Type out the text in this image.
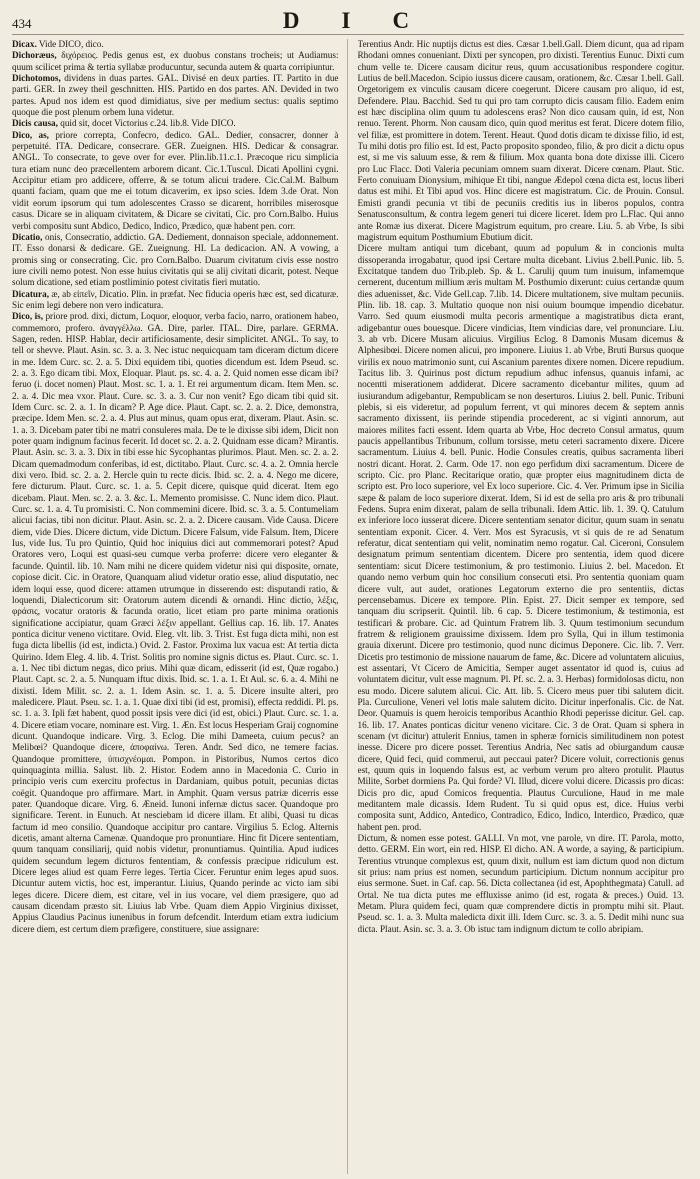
434	D I C

Dicax. Vide DICO, dico.

Dichoræus, διχόρειος. Pedis genus est, ex duobus constans trocheis; ut Audiamus: quum scilicet prima & tertia syllabæ producuntur, secunda autem & quarta corripiuntur.

Dichotomos, dividens in duas partes. GAL. Divisé en deux parties. IT. Partito in due parti. GER. In zwey theil geschnitten. HIS. Partido en dos partes. AN. Devided in two partes. Apud nos idem est quod dimidiatus, sive per medium sectus: qualis septimo quoque die post plenum orbem luna videtur.

Dicis causa, quid sit, docet Victorius c.24. lib.8. Vide DICO.

Dico, as, priore correpta, Confecro, dedico. GAL. Dedier, consacrer, donner à perpetuité. ITA. Dedicare, consecrare. GER. Zueignen. HIS. Dedicar & consagrar. ANGL. To consecrate, to geve over for ever. Plin.lib.11.c.1. Præcoque ricu simplicia tura etiam nunc deo præcellentem arborem dicant. Cic.1.Tuscul. Dicati Apollini cygni. Accipitur etiam pro addicere, offerre, & se totum alicui tradere. Cic.Cal.M. Balbum quanti faciam, quam que me ei totum dicaverim, ex ipso scies. Idem 3.de Orat. Non vidit eorum ipsorum qui tum adolescentes Crasso se dicarent, horribiles miserosque casus. Dicare se in aliquam civitatem, & Dicare se civitati, Cic. pro Corn.Balbo. Huius verbi compositu sunt Abdico, Dedico, Indico, Prædico, quæ habent pen. corr.

Dicatio, onis, Consecratio, addictio. GA. Dediement, donnaison speciale, addonnement. IT. Esso donarsi & dedicare. GE. Zueignung. HI. La dedicacion. AN. A vowing, a promis sing or consecrating. Cic. pro Corn.Balbo. Duarum civitatum civis esse nostro iure civili nemo potest. Non esse huius civitatis qui se alij civitati dicarit, potest. Neque solum dicatione, sed etiam postliminio potest civitatis fieri mutatio.

Dicatura, æ, ab εἰπεῖν, Dicatio. Plin. in præfat. Nec fiducia operis hæc est, sed dicaturæ. Sic enim legi debere non vero indicatura.

Dico, is, priore prod. dixi, dictum, Loquor, eloquor, verba facio, narro, orationem habeo, commemoro, profero. ἀναγγέλλω. GA. Dire, parler. ITAL. Dire, parlare. GERMA. Sagen, reden. HISP. Hablar, decir artificiosamente, desir simplicitet. ANGL. To say, to tell or shevve. Plaut. Asin. sc. 3. a. 3. Nec istuc nequicquam tam diceram dictum dicere in me. Idem Curc. sc. 2. a. 5. Dixi equidem tibi, quoties dicendum est. Idem Pseud. sc. 2. a. 3. Ego dicam tibi. Mox, Eloquar. Plaut. ps. sc. 4. a. 2. Quid nomen esse dicam ibi? feruo (i. docet nomen) Plaut. Most. sc. 1. a. 1. Et rei argumentum dicam. Item Men. sc. 2. a. 4. Dic mea vxor. Plaut. Cure. sc. 3. a. 3. Cur non venit? Ego dicam tibi quid sit. Idem Curc. sc. 2. a. 1. In dicam? P. Age dice. Plaut. Capt. sc. 2. a. 2. Dice, demonstra, præcipe. Idem Men. sc. 2. a. 4. Plus aut minus, quam opus erat, dixeram. Plaut. Asin. sc. 1. a. 3. Dicebam pater tibi ne matri consuleres mala. De te le dixisse sibi idem, Dicit non poter quam indignum facinus fecerit. Id docet sc. 2. a. 2. Quidnam esse dicam? Mirantis. Plaut. Asin. sc. 3. a. 3. Dix in tibi esse hic Sycophantas plurimos. Plaut. Men. sc. 2. a. 2. Dicam quemadmodum conferibas, id est, dictitabo. Plaut. Curc. sc. 4. a. 2. Omnia hercle dixi vero. Ibid. sc. 2. a. 2. Hercle quin tu recte dicis. Ibid. sc. 2. a. 4. Nego me dicere, fere dicturum. Plaut. Curc. sc. 1. a. 5. Cepit dicere, quisque quid dicerat. Item ego dicebam. Plaut. Men. sc. 2. a. 3. &c. L. Memento promisisse. C. Nunc idem dico. Plaut. Curc. sc. 1. a. 4. Tu promisisti. C. Non commemini dicere. Ibid. sc. 3. a. 5. Contumeliam alicui facias, tibi non dicitur. Plaut. Asin. sc. 2. a. 2. Dicere causam. Vide Causa. Dicere diem, vide Dies. Dicere dictum, vide Dictum. Dicere Falsum, vide Falsum. Item, Dicere Ius, vide Ius. Tu pro Quintio, Quid hoc iniquius dici aut commemorari potest? Apud Oratores vero, Loqui est quasi-seu cumque verba proferre: dicere vero eleganter & facunde. Quintil. lib. 10. Nam mihi ne dicere quidem videtur nisi qui disposite, ornate, copiose dicit. Cic. in Oratore, Quanquam aliud videtur oratio esse, aliud disputatio, nec idem loqui esse, quod dicere: attamen utrumque in disserendo est: disputandi ratio, & loquendi, Dialecticorum sit: Oratorum autem dicendi & ornandi. Hinc dictio, λέξις, φράσις, vocatur oratoris & facunda oratio, licet etiam pro parte minima orationis significatione accipiatur, quam Græci λέξιν appellant. Gellius cap. 16. lib. 17. Anates pontica dicitur veneno victitare. Ovid. Eleg. vlt. lib. 3. Trist. Est fuga dicta mihi, non est fuga dicta libellis (id est, indicta.) Ovid. 2. Fastor. Proxima lux vacua est: At tertia dicta Quirino. Idem Eleg. 4. lib. 4. Trist. Solitis pro nomine signis dictus es. Plaut. Curc. sc. 1. a. 1. Nec tibi dictum negas, dico prius. Mihi quæ dicam, edisserit (id est, Quæ rogabo.) Plaut. Capt. sc. 2. a. 5. Nunquam iftuc dixis. Ibid. sc. 1. a. 1. Et Aul. sc. 6. a. 4. Mihi ne dixisti. Idem Milit. sc. 2. a. 1. Idem Asin. sc. 1. a. 5. Dicere insulte alteri, pro maledicere. Plaut. Pseu. sc. 1. a. 1. Quae dixi tibi (id est, promisi), effecta reddidi. Pl. ps. sc. 1. a. 3. Ipli fæt habent, quod possit ipsis vere dici (id est, obici.) Plaut. Curc. sc. 1. a. 4. Dicere etiam vocare, nominare est. Virg. 1. Æn. Est locus Hesperiam Graij cognomine dicunt. Quandoque indicare. Virg. 3. Eclog. Die mihi Dameeta, cuium pecus? an Melibœi? Quandoque dicere, άποφαίνω. Teren. Andr. Sed dico, ne temere facias. Quandoque promittere, ὑπισχνέομαι. Pompon. in Pistoribus, Numos certos dico quinquaginta millia. Salust. lib. 2. Histor. Eodem anno in Macedonia C. Curio in principio veris cum exercitu profectus in Dardaniam, quibus potuit, pecunias dictas coëgit. Quandoque pro affirmare. Mart. in Amphit. Quam versus patriæ dicerris esse pater. Quandoque dicare. Virg. 6. Æneid. Iunoni infernæ dictus sacer. Quandoque pro significare. Terent. in Eunuch. At nesciebam id dicere illam. Et alibi, Quasi tu dicas factum id meo consilio. Quandoque accipitur pro cantare. Virgilius 5. Eclog. Alternis dicetis, amant alterna Camenæ. Quandoque pro pronuntiare. Hinc fit Dicere sententiam, quum tanquam consiliarij, quid nobis videtur, pronuntiamus. Quintilia. Apud iudices quidem secundum legem dicturos fententiam, & confessis præcipue ridiculum est. Dicere leges aliud est quam Ferre leges. Tertia Cicer. Feruntur enim leges apud suos. Dicuntur autem victis, hoc est, imperantur. Liuius, Quando perinde ac victo iam sibi leges dicere. Dicere diem, est citare, vel in ius vocare, vel diem præsigere, quo ad causam dicendam præsto sit. Liuius lab Vrbe. Quam diem Appio Virginius dixisset, Appius Claudius Pacinus iunenibus in forum defcendit. Interdum etiam extra iudicium dicere diem, est certum diem præfigere, constituere, siue assignare:

Terentius Andr. Hic nuptijs dictus est dies. Cæsar 1.bell.Gall. Diem dicunt, qua ad ripam Rhodani omnes conueniant. Dixti per syncopen, pro dixisti. Terentius Eunuc. Dixti cum chum velle te. Dicere causam dicitur reus, quum accusationibus respondere cogitur. Lutius de bell.Macedon. Scipio iussus dicere causam, orationem, &c. Cæsar 1.bell. Gall. Orgetorigem ex vinculis causam dicere coegerunt. Dicere causam pro aliquo, id est, Defendere. Plau. Bacchid. Sed tu qui pro tam corrupto dicis causam filio. Eadem enim est hæc disciplina olim quum tu adolescens eras? Non dico causam quin, id est, Non renuo. Terent. Phorm. Non causam dico, quin quod meritus est ferat. Dicere dotem filio, vel filiæ, est promittere in dotem. Terent. Heaut. Quod dotis dicam te dixisse filio, id est, Tu mihi dotis pro filio est. Id est, Pacto proposito spondeo, filio, & pro dicit a dictu opus est, si me vis saluum esse, & rem & filium. Mox quanta bona dote dixisse illi. Cicero pro Luc Flacc. Doti Valeria pecuniam omnem suam dixerat. Dicere cœnam. Plaut. Stic. Ferto conuiuam Dionysium, mihique Et tibi, nangue Ædepol cœna dicta est, locus liberi datus est mihi. Et Tibi apud vos. Hinc dicere est magistratum. Cic. de Prouin. Consul. Emisti grandi pecunia vt tibi de pecuniis creditis ius in liberos populos, contra Senatusconsultum, & contra legem generi tui dicere liceret. Idem pro L.Flac. Qui anno ante Romæ ius dixerat. Dicere Magistrum equitum, pro creare. Liu. 5. ab Vrbe, Is sibi magistrum equitum Posthumium Ebutium dicit.

Dicere multam antiqui tum dicebant, quum ad populum & in concionis multa dissoperanda irrogabatur, quod ipsi Certare multa dicebant. Livius 2.bell.Punic. lib. 5. Excitatque tandem duo Trib.pleb. Sp. & L. Carulij quum tum inuisum, infamemque cernerent, ducentum millium æris multam M. Posthumio dixerunt: cuius certandæ quum dies aduenisset, &c. Vide Gell.cap. 7.lib. 14. Dicere multationem, sive multam pecuniis. Plin. lib. 18. cap. 3. Multatio quoque non nisi ouium boumque impendio dicebatur. Varro. Sed quum eiusmodi multa pecoris armentique a magistratibus dicta erant, adigebantur oues bouesque. Dicere vindicias, Item vindicias dare, vel pronunciare. Liu. 3. ab vrb. Dicere Musam alicuius. Virgilius Eclog. 8 Damonis Musam dicemus & Alphesibœi. Dicere nomen alicui, pro imponere. Liuius 1. ab Vrbe, Bruti Bursus quoque virilis ex nouo matrimonio sunt, cui Ascanium parentes dixere nomen. Dicere repudium. Tacitus lib. 3. Quirinus post dictum repudium adhuc infensus, quanuis infami, ac nocentti miserationem addiderat. Dicere sacramento dicebantur milites, quum ad iusiurandum adigebantur, Rempublicam se non deserturos. Liuius 2. bell. Punic. Tribuni plebis, si eis videretur, ad populum ferrent, vt qui minores decem & septem annis sacramento dixissent, iis perinde stipendia procederent, ac si viginti annorum, aut maiores milites facti essent. Idem quarta ab Vrbe, Hoc decreto Consul armatus, quum paucis appellantibus Tribunum, collum torsisse, metu ceteri sacramento dixere. Dicere sacramentum. Liuius 4. bell. Punic. Hodie Consules creatis, quibus sacramenta liberi nostri dicant. Horat. 2. Carm. Ode 17. non ego perfidum dixi sacramentum. Dicere de scripto. Cic. pro Planc. Recitarique oratio, quæ propter eius magnitudinem dicta de scripto est. Pro loco superiore, vel Ex loco superiore. Cic. 4. Ver. Primum ipse in Sicilia sæpe & palam de loco superiore dixerat. Idem, Si id est de sella pro aris & pro tribunali Fedens. Supra enim dixerat, palam de sella tribunali. Idem Attic. lib. 1. 39. Q. Catulum ex inferiore loco iusserat dicere. Dicere sententiam senator dicitur, quum suam in senatu sententiam exponit. Cicer. 4. Verr. Mos est Syracusis, vt si quis de re ad Senatum referatur, dicat sententiam qui velit, nominatim nemo rogatur. Cal. Ciceroni, Consulem designatum primum sententiam dicentem. Dicere pro sententia, idem quod dicere sententiam: sicut Dicere testimonium, & pro testimonio. Liuius 2. bel. Macedon. Et quando nemo verbum quin hoc consilium consecuti etsi. Pro sententia quoniam quam dicere vult, aut audet, orationes Legatorum externo die pro sententiis, dictas percensebamus. Dicere ex tempore. Plin. Epist. 27. Dicit semper ex tempore, sed tanquam diu scripserit. Quintil. lib. 6 cap. 5. Dicere testimonium, & testimonia, est testificari & probare. Cic. ad Quintum Fratrem lib. 3. Quum testimonium secundum fratrem & religionem grauissime dixissem. Idem pro Sylla, Qui in illum testimonia grauia dixerunt. Dicere pro testimonio, quod nunc dicimus Deponere. Cic. lib. 7. Verr. Dicetis pro testimonio de missione nauarum de fame, &c. Dicere ad voluntatem alicuius, est assentari, Vt Cicero de Amicitia, Semper auget assentator id quod is, cuius ad voluntatem dicitur, vult esse magnum. Pl. Pf. sc. 2. a. 3. Herbas) formidolosas dictu, non esu modo. Dicere salutem alicui. Cic. Att. lib. 5. Cicero meus puer tibi salutem dicit. Pla. Curculione, Veneri vel lotis male salutem dicito. Dicitur inperfonalis. Cic. de Nat. Deor. Quamuis is quem heroicis temporibus Acanthio Rhodi peperisse dicitur. Gel. cap. 16. lib. 17. Anates ponticas dicitur veneno vicitare. Cic. 3 de Orat. Quam si sphera in scenam (vt dicitur) attulerit Ennius, tamen in spheræ fornicis similitudinem non potest inesse. Dicere pro dicere posset. Terentius Andria, Nec satis ad obiurgandum causæ dicere, Quid feci, quid commerui, aut peccaui pater? Dicere voluit, correctionis genus est, quum quis in loquendo falsus est, ac verbum verum pro altero protulit. Plautus Milite, Sorbet dormiens Pa. Qui forde? Vl. Illud, dicere volui dicere. Dicassis pro dicas: Dicis pro dic, apud Comicos frequentia. Plautus Curculione, Haud in me male meditantem male dicassis. Idem Rudent. Tu si quid opus est, dice. Huius verbi composita sunt, Addico, Antedico, Contradico, Edico, Indico, Interdico, Prædico, quæ habent pen. prod.

Dictum, & nomen esse potest. GALLI. Vn mot, vne parole, vn dire. IT. Parola, motto, detto. GERM. Ein wort, ein red. HISP. El dicho. AN. A worde, a saying, & participium. Terentius vtrunque complexus est, quum dixit, nullum est iam dictum quod non dictum sit prius: nam prius est nomen, secundum participium. Dictum nonnum accipitur pro eius sermone. Suet. in Caf. cap. 56. Dicta collectanea (id est, Apophthegmata) Catull. ad Ortal. Ne tua dicta putes me effluxisse animo (id est, rogata & preces.) Ouid. 13. Metam. Plura quidem feci, quam quæ comprendere dictis in promptu mihi sit. Plaut. Pseud. sc. 1. a. 3. Multa maledicta dixit illi. Idem Curc. sc. 3. a. 5. Dedit mihi nunc sua dicta. Plaut. Asin. sc. 3. a. 3. Ob istuc tam indignum dictum te collo abripiam.
